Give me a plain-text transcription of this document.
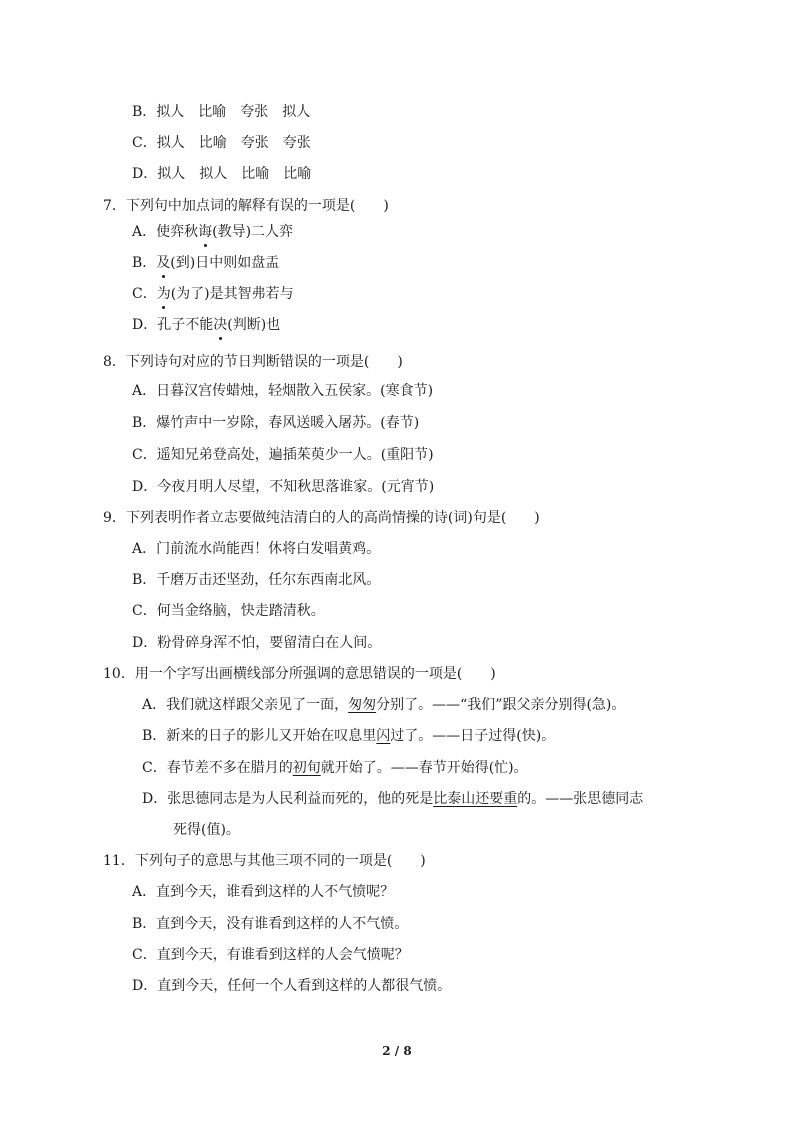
B．拟人　比喻　夸张　拟人
C．拟人　比喻　夸张　夸张
D．拟人　拟人　比喻　比喻
7．下列句中加点词的解释有误的一项是(　　)
A．使弈秋诲(教导)二人弈
B．及(到)日中则如盘盂
C．为(为了)是其智弗若与
D．孔子不能决(判断)也
8．下列诗句对应的节日判断错误的一项是(　　)
A．日暮汉宫传蜡烛，轻烟散入五侯家。(寒食节)
B．爆竹声中一岁除，春风送暖入屠苏。(春节)
C．遥知兄弟登高处，遍插茱萸少一人。(重阳节)
D．今夜月明人尽望，不知秋思落谁家。(元宵节)
9．下列表明作者立志要做纯洁清白的人的高尚情操的诗(词)句是(　　)
A．门前流水尚能西！休将白发唱黄鸡。
B．千磨万击还坚劲，任尔东西南北风。
C．何当金络脑，快走踏清秋。
D．粉骨碎身浑不怕，要留清白在人间。
10．用一个字写出画横线部分所强调的意思错误的一项是(　　)
A．我们就这样跟父亲见了一面，匆匆分别了。——“我们”跟父亲分别得(急)。
B．新来的日子的影儿又开始在叹息里闪过了。——日子过得(快)。
C．春节差不多在腊月的初旬就开始了。——春节开始得(忙)。
D．张思德同志是为人民利益而死的，他的死是比泰山还要重的。——张思德同志
死得(值)。
11．下列句子的意思与其他三项不同的一项是(　　)
A．直到今天，谁看到这样的人不气愤呢？
B．直到今天，没有谁看到这样的人不气愤。
C．直到今天，有谁看到这样的人会气愤呢？
D．直到今天，任何一个人看到这样的人都很气愤。
2 / 8
